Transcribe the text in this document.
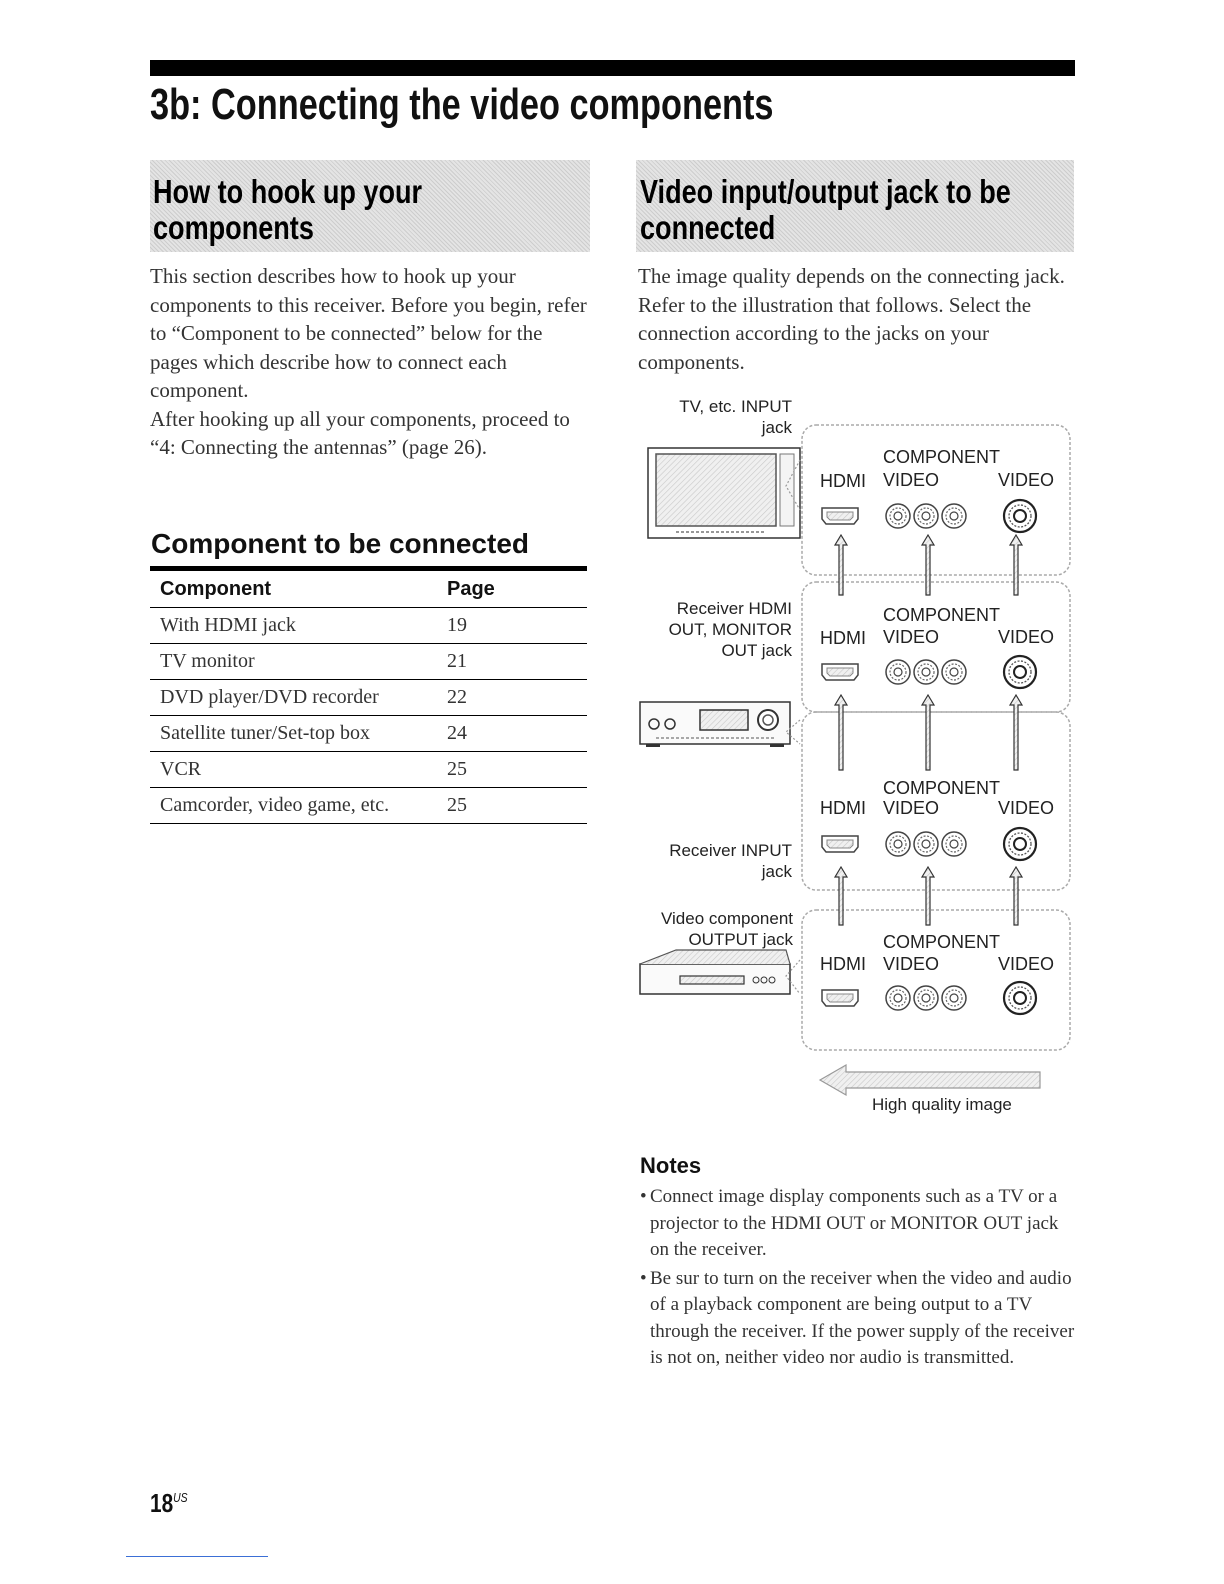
3b: Connecting the video components
How to hook up your
components

This section describes how to hook up your components to this receiver. Before you begin, refer to “Component to be connected” below for the pages which describe how to connect each component.

After hooking up all your components, proceed to “4: Connecting the antennas” (page 26).

Component to be connected
Component	Page
With HDMI jack	19
TV monitor	21
DVD player/DVD recorder	22
Satellite tuner/Set-top box	24
VCR	25
Camcorder, video game, etc.	25
Video input/output jack to be
connected

The image quality depends on the connecting jack. Refer to the illustration that follows. Select the connection according to the jacks on your components.

TV, etc. INPUT
jack
Receiver HDMI
OUT, MONITOR
OUT jack
Receiver INPUT
jack
Video component
OUTPUT jack
HDMI
COMPONENT
VIDEO	VIDEO
HDMI
COMPONENT
VIDEO	VIDEO
HDMI
COMPONENT
VIDEO	VIDEO
HDMI
COMPONENT
VIDEO	VIDEO
High quality image
Notes
• Connect image display components such as a TV or a projector to the HDMI OUT or MONITOR OUT jack on the receiver.
• Be sur to turn on the receiver when the video and audio of a playback component are being output to a TV through the receiver. If the power supply of the receiver is not on, neither video nor audio is transmitted.
$18^{US}$
